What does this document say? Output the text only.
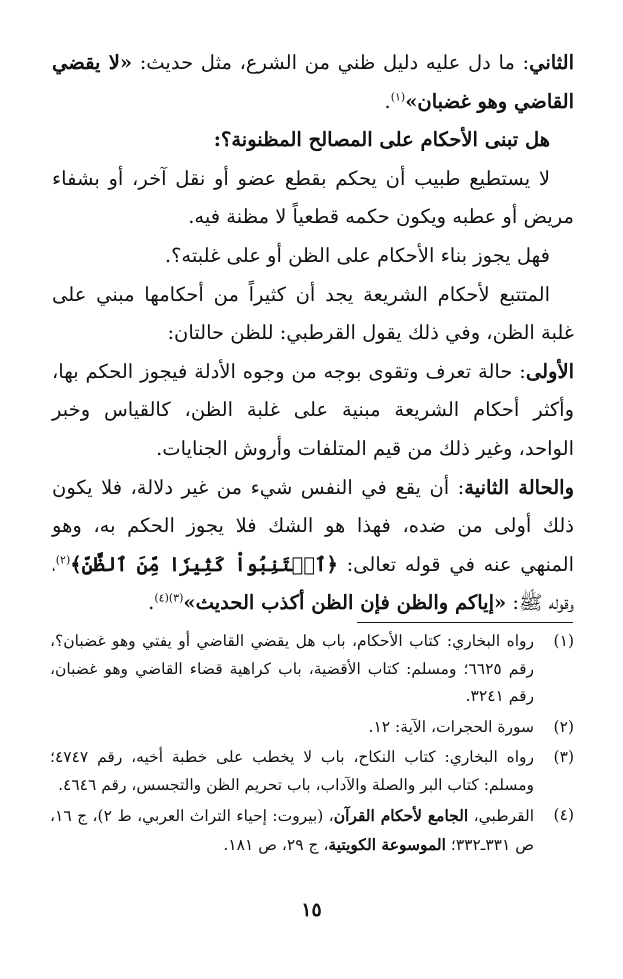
الثاني: ما دل عليه دليل ظني من الشرع، مثل حديث: «لا يقضي القاضي وهو غضبان»$^{(١)}$.

هل تبنى الأحكام على المصالح المظنونة؟:

لا يستطيع طبيب أن يحكم بقطع عضو أو نقل آخر، أو بشفاء مريض أو عطبه ويكون حكمه قطعياً لا مظنة فيه.

فهل يجوز بناء الأحكام على الظن أو على غلبته؟.

المتتبع لأحكام الشريعة يجد أن كثيراً من أحكامها مبني على غلبة الظن، وفي ذلك يقول القرطبي: للظن حالتان:

الأولى: حالة تعرف وتقوى بوجه من وجوه الأدلة فيجوز الحكم بها، وأكثر أحكام الشريعة مبنية على غلبة الظن، كالقياس وخبر الواحد، وغير ذلك من قيم المتلفات وأروش الجنايات.

والحالة الثانية: أن يقع في النفس شيء من غير دلالة، فلا يكون ذلك أولى من ضده، فهذا هو الشك فلا يجوز الحكم به، وهو المنهي عنه في قوله تعالى: ﴿ٱجۡتَنِبُواْ كَثِيرٗا مِّنَ ٱلظَّنِّ﴾$^{(٢)}$، وقوله ﷺ: «إياكم والظن فإن الظن أكذب الحديث»$^{(٣)(٤)}$.

(١)
رواه البخاري: كتاب الأحكام، باب هل يقضي القاضي أو يفتي وهو غضبان؟، رقم ٦٦٢٥؛ ومسلم: كتاب الأقضية، باب كراهية قضاء القاضي وهو غضبان، رقم ٣٢٤١.
(٢)
سورة الحجرات، الآية: ١٢.
(٣)
رواه البخاري: كتاب النكاح، باب لا يخطب على خطبة أخيه، رقم ٤٧٤٧؛ ومسلم: كتاب البر والصلة والآداب، باب تحريم الظن والتجسس، رقم ٤٦٤٦.
(٤)
القرطبي، الجامع لأحكام القرآن، (بيروت: إحياء التراث العربي، ط ٢)، ج ١٦، ص ٣٣١ـ٣٣٢؛ الموسوعة الكويتية، ج ٢٩، ص ١٨١.
١٥
